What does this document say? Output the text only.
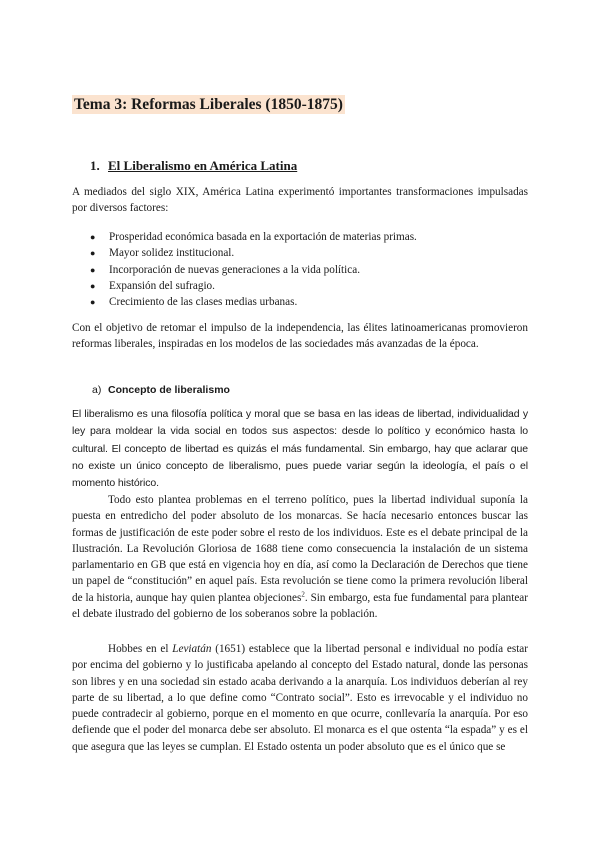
Tema 3: Reformas Liberales (1850-1875)
1. El Liberalismo en América Latina

A mediados del siglo XIX, América Latina experimentó importantes transformaciones impulsadas por diversos factores:

● Prosperidad económica basada en la exportación de materias primas.
● Mayor solidez institucional.
● Incorporación de nuevas generaciones a la vida política.
● Expansión del sufragio.
● Crecimiento de las clases medias urbanas.

Con el objetivo de retomar el impulso de la independencia, las élites latinoamericanas promovieron reformas liberales, inspiradas en los modelos de las sociedades más avanzadas de la época.

a) Concepto de liberalismo

El liberalismo es una filosofía política y moral que se basa en las ideas de libertad, individualidad y ley para moldear la vida social en todos sus aspectos: desde lo político y económico hasta lo cultural. El concepto de libertad es quizás el más fundamental. Sin embargo, hay que aclarar que no existe un único concepto de liberalismo, pues puede variar según la ideología, el país o el momento histórico.

Todo esto plantea problemas en el terreno político, pues la libertad individual suponía la puesta en entredicho del poder absoluto de los monarcas. Se hacía necesario entonces buscar las formas de justificación de este poder sobre el resto de los individuos. Este es el debate principal de la Ilustración. La Revolución Gloriosa de 1688 tiene como consecuencia la instalación de un sistema parlamentario en GB que está en vigencia hoy en día, así como la Declaración de Derechos que tiene un papel de “constitución” en aquel país. Esta revolución se tiene como la primera revolución liberal de la historia, aunque hay quien plantea objeciones$^2$. Sin embargo, esta fue fundamental para plantear el debate ilustrado del gobierno de los soberanos sobre la población.

Hobbes en el Leviatán (1651) establece que la libertad personal e individual no podía estar por encima del gobierno y lo justificaba apelando al concepto del Estado natural, donde las personas son libres y en una sociedad sin estado acaba derivando a la anarquía. Los individuos deberían al rey parte de su libertad, a lo que define como “Contrato social”. Esto es irrevocable y el individuo no puede contradecir al gobierno, porque en el momento en que ocurre, conllevaría la anarquía. Por eso defiende que el poder del monarca debe ser absoluto. El monarca es el que ostenta “la espada” y es el que asegura que las leyes se cumplan. El Estado ostenta un poder absoluto que es el único que se
